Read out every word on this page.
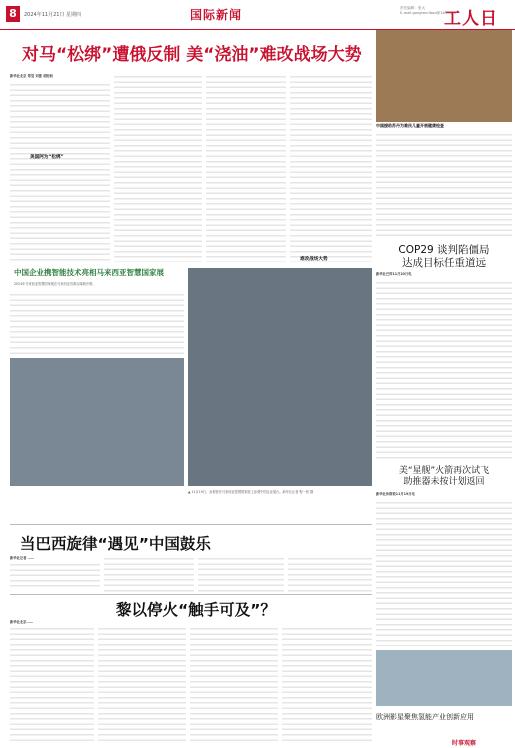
8	2024年11月21日 星期四	国际新闻	责任编辑：张大
E-mail:gongrenribao@163.com
工人日
对马“松绑”遭俄反制 美“浇油”难改战场大势
新华社北京 郑莹 刘蕾 胡盼盼
美国阿为“松绑”
难改战场大势
中国企业携智能技术亮相马来西亚智慧国家展
2024年马来西亚智慧国家展在马来西亚首都吉隆坡开幕。
▲ 11月19日，参观者在马来西亚智慧国家展上参观中国企业展台。新华社记者 程一恒 摄
中国援助苏丹为难民儿童开展健康检查
COP29 谈判陷僵局
达成目标任重道远
新华社巴库11月20日电
美“星舰”火箭再次试飞
助推器未按计划返回
新华社休斯敦11月19日电
欧洲影星聚焦氢能产业创新应用
当巴西旋律“遇见”中国鼓乐
新华社记者 ……
黎以停火“触手可及”？
新华社北京……
时事观察
